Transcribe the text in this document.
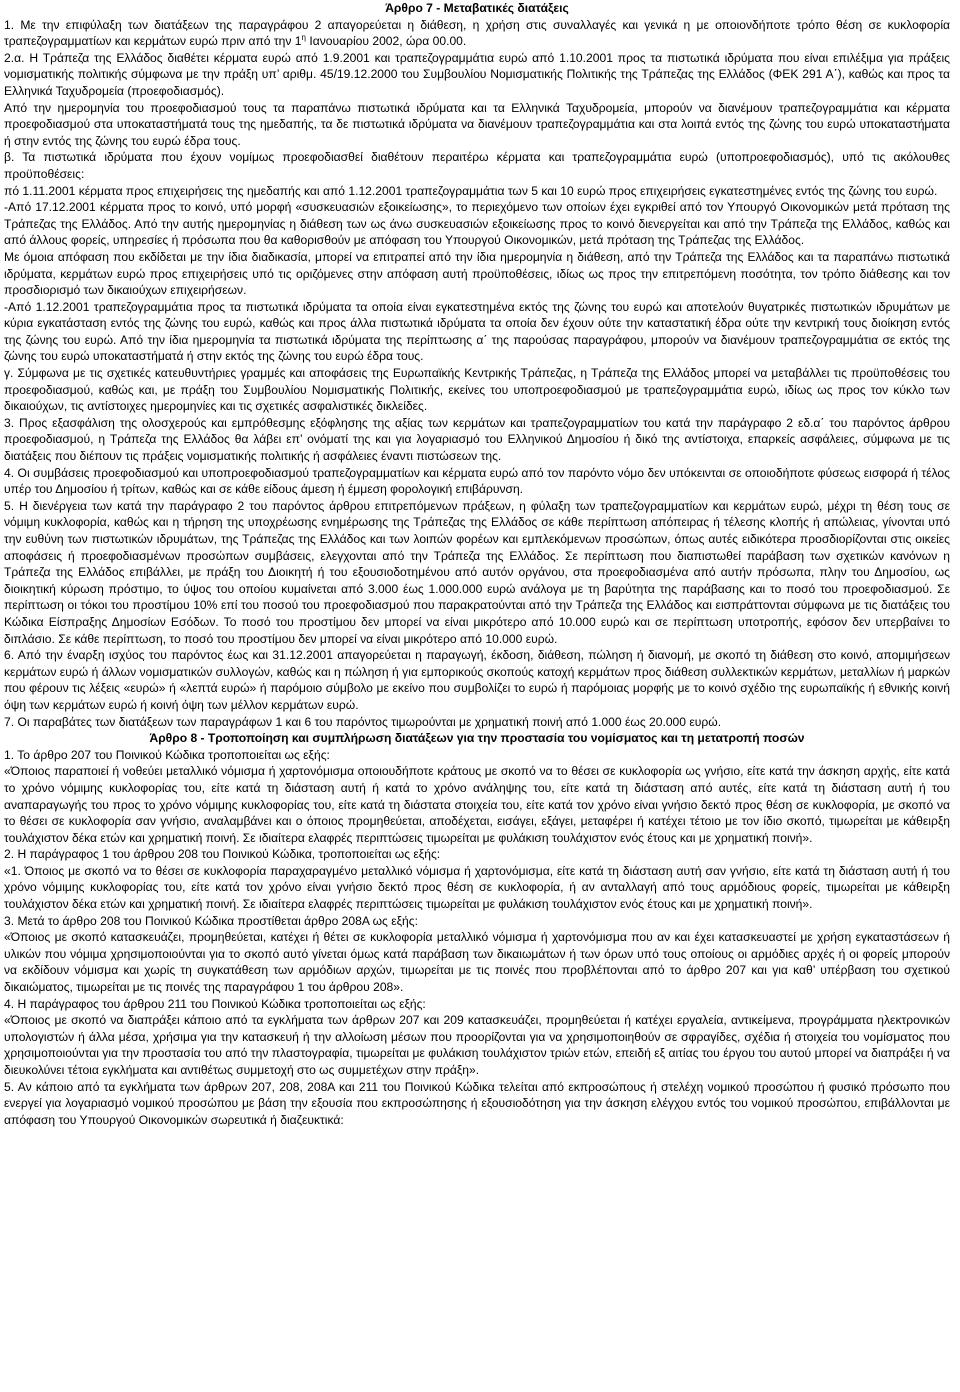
Άρθρο 7 - Μεταβατικές διατάξεις

1. Με την επιφύλαξη των διατάξεων της παραγράφου 2 απαγορεύεται η διάθεση, η χρήση στις συναλλαγές και γενικά η με οποιονδήποτε τρόπο θέση σε κυκλοφορία τραπεζογραμματίων και κερμάτων ευρώ πριν από την $1^\eta$ Ιανουαρίου 2002, ώρα 00.00.

2.α. Η Τράπεζα της Ελλάδος διαθέτει κέρματα ευρώ από 1.9.2001 και τραπεζογραμμάτια ευρώ από 1.10.2001 προς τα πιστωτικά ιδρύματα που είναι επιλέξιμα για πράξεις νομισματικής πολιτικής σύμφωνα με την πράξη υπ’ αριθμ. 45/19.12.2000 του Συμβουλίου Νομισματικής Πολιτικής της Τράπεζας της Ελλάδος (ΦΕΚ 291 Α΄), καθώς και προς τα Ελληνικά Ταχυδρομεία (προεφοδιασμός).

Από την ημερομηνία του προεφοδιασμού τους τα παραπάνω πιστωτικά ιδρύματα και τα Ελληνικά Ταχυδρομεία, μπορούν να διανέμουν τραπεζογραμμάτια και κέρματα προεφοδιασμού στα υποκαταστήματά τους της ημεδαπής, τα δε πιστωτικά ιδρύματα να διανέμουν τραπεζογραμμάτια και στα λοιπά εντός της ζώνης του ευρώ υποκαταστήματα ή στην εντός της ζώνης του ευρώ έδρα τους.

β. Τα πιστωτικά ιδρύματα που έχουν νομίμως προεφοδιασθεί διαθέτουν περαιτέρω κέρματα και τραπεζογραμμάτια ευρώ (υποπροεφοδιασμός), υπό τις ακόλουθες προϋποθέσεις:

πό 1.11.2001 κέρματα προς επιχειρήσεις της ημεδαπής και από 1.12.2001 τραπεζογραμμάτια των 5 και 10 ευρώ προς επιχειρήσεις εγκατεστημένες εντός της ζώνης του ευρώ.

-Από 17.12.2001 κέρματα προς το κοινό, υπό μορφή «συσκευασιών εξοικείωσης», το περιεχόμενο των οποίων έχει εγκριθεί από τον Υπουργό Οικονομικών μετά πρόταση της Τράπεζας της Ελλάδος. Από την αυτής ημερομηνίας η διάθεση των ως άνω συσκευασιών εξοικείωσης προς το κοινό διενεργείται και από την Τράπεζα της Ελλάδος, καθώς και από άλλους φορείς, υπηρεσίες ή πρόσωπα που θα καθορισθούν με απόφαση του Υπουργού Οικονομικών, μετά πρόταση της Τράπεζας της Ελλάδος.

Με όμοια απόφαση που εκδίδεται με την ίδια διαδικασία, μπορεί να επιτραπεί από την ίδια ημερομηνία η διάθεση, από την Τράπεζα της Ελλάδος και τα παραπάνω πιστωτικά ιδρύματα, κερμάτων ευρώ προς επιχειρήσεις υπό τις οριζόμενες στην απόφαση αυτή προϋποθέσεις, ιδίως ως προς την επιτρεπόμενη ποσότητα, τον τρόπο διάθεσης και τον προσδιορισμό των δικαιούχων επιχειρήσεων.

-Από 1.12.2001 τραπεζογραμμάτια προς τα πιστωτικά ιδρύματα τα οποία είναι εγκατεστημένα εκτός της ζώνης του ευρώ και αποτελούν θυγατρικές πιστωτικών ιδρυμάτων με κύρια εγκατάσταση εντός της ζώνης του ευρώ, καθώς και προς άλλα πιστωτικά ιδρύματα τα οποία δεν έχουν ούτε την καταστατική έδρα ούτε την κεντρική τους διοίκηση εντός της ζώνης του ευρώ. Από την ίδια ημερομηνία τα πιστωτικά ιδρύματα της περίπτωσης α΄ της παρούσας παραγράφου, μπορούν να διανέμουν τραπεζογραμμάτια σε εκτός της ζώνης του ευρώ υποκαταστήματά ή στην εκτός της ζώνης του ευρώ έδρα τους.

γ. Σύμφωνα με τις σχετικές κατευθυντήριες γραμμές και αποφάσεις της Ευρωπαϊκής Κεντρικής Τράπεζας, η Τράπεζα της Ελλάδος μπορεί να μεταβάλλει τις προϋποθέσεις του προεφοδιασμού, καθώς και, με πράξη του Συμβουλίου Νομισματικής Πολιτικής, εκείνες του υποπροεφοδιασμού με τραπεζογραμμάτια ευρώ, ιδίως ως προς τον κύκλο των δικαιούχων, τις αντίστοιχες ημερομηνίες και τις σχετικές ασφαλιστικές δικλείδες.

3. Προς εξασφάλιση της ολοσχερούς και εμπρόθεσμης εξόφλησης της αξίας των κερμάτων και τραπεζογραμματίων του κατά την παράγραφο 2 εδ.α΄ του παρόντος άρθρου προεφοδιασμού, η Τράπεζα της Ελλάδος θα λάβει επ’ ονόματί της και για λογαριασμό του Ελληνικού Δημοσίου ή δικό της αντίστοιχα, επαρκείς ασφάλειες, σύμφωνα με τις διατάξεις που διέπουν τις πράξεις νομισματικής πολιτικής ή ασφάλειες έναντι πιστώσεων της.

4. Οι συμβάσεις προεφοδιασμού και υποπροεφοδιασμού τραπεζογραμματίων και κέρματα ευρώ από τον παρόντο νόμο δεν υπόκεινται σε οποιοδήποτε φύσεως εισφορά ή τέλος υπέρ του Δημοσίου ή τρίτων, καθώς και σε κάθε είδους άμεση ή έμμεση φορολογική επιβάρυνση.

5. Η διενέργεια των κατά την παράγραφο 2 του παρόντος άρθρου επιτρεπόμενων πράξεων, η φύλαξη των τραπεζογραμματίων και κερμάτων ευρώ, μέχρι τη θέση τους σε νόμιμη κυκλοφορία, καθώς και η τήρηση της υποχρέωσης ενημέρωσης της Τράπεζας της Ελλάδος σε κάθε περίπτωση απόπειρας ή τέλεσης κλοπής ή απώλειας, γίνονται υπό την ευθύνη των πιστωτικών ιδρυμάτων, της Τράπεζας της Ελλάδος και των λοιπών φορέων και εμπλεκόμενων προσώπων, όπως αυτές ειδικότερα προσδιορίζονται στις οικείες αποφάσεις ή προεφοδιασμένων προσώπων συμβάσεις, ελεγχονται από την Τράπεζα της Ελλάδος. Σε περίπτωση που διαπιστωθεί παράβαση των σχετικών κανόνων η Τράπεζα της Ελλάδος επιβάλλει, με πράξη του Διοικητή ή του εξουσιοδοτημένου από αυτόν οργάνου, στα προεφοδιασμένα από αυτήν πρόσωπα, πλην του Δημοσίου, ως διοικητική κύρωση πρόστιμο, το ύψος του οποίου κυμαίνεται από 3.000 έως 1.000.000 ευρώ ανάλογα με τη βαρύτητα της παράβασης και το ποσό του προεφοδιασμού. Σε περίπτωση οι τόκοι του προστίμου 10% επί του ποσού του προεφοδιασμού που παρακρατούνται από την Τράπεζα της Ελλάδος και εισπράττονται σύμφωνα με τις διατάξεις του Κώδικα Είσπραξης Δημοσίων Εσόδων. Το ποσό του προστίμου δεν μπορεί να είναι μικρότερο από 10.000 ευρώ και σε περίπτωση υποτροπής, εφόσον δεν υπερβαίνει το διπλάσιο. Σε κάθε περίπτωση, το ποσό του προστίμου δεν μπορεί να είναι μικρότερο από 10.000 ευρώ.

6. Από την έναρξη ισχύος του παρόντος έως και 31.12.2001 απαγορεύεται η παραγωγή, έκδοση, διάθεση, πώληση ή διανομή, με σκοπό τη διάθεση στο κοινό, απομιμήσεων κερμάτων ευρώ ή άλλων νομισματικών συλλογών, καθώς και η πώληση ή για εμπορικούς σκοπούς κατοχή κερμάτων προς διάθεση συλλεκτικών κερμάτων, μεταλλίων ή μαρκών που φέρουν τις λέξεις «ευρώ» ή «λεπτά ευρώ» ή παρόμοιο σύμβολο με εκείνο που συμβολίζει το ευρώ ή παρόμοιας μορφής με το κοινό σχέδιο της ευρωπαϊκής ή εθνικής κοινή όψη των κερμάτων ευρώ ή κοινή όψη των μέλλον κερμάτων ευρώ.

7. Οι παραβάτες των διατάξεων των παραγράφων 1 και 6 του παρόντος τιμωρούνται με χρηματική ποινή από 1.000 έως 20.000 ευρώ.

Άρθρο 8 - Τροποποίηση και συμπλήρωση διατάξεων για την προστασία του νομίσματος και τη μετατροπή ποσών

1. Το άρθρο 207 του Ποινικού Κώδικα τροποποιείται ως εξής:

«Όποιος παραποιεί ή νοθεύει μεταλλικό νόμισμα ή χαρτονόμισμα οποιουδήποτε κράτους με σκοπό να το θέσει σε κυκλοφορία ως γνήσιο, είτε κατά την άσκηση αρχής, είτε κατά το χρόνο νόμιμης κυκλοφορίας του, είτε κατά τη διάσταση αυτή ή κατά το χρόνο ανάληψης του, είτε κατά τη διάσταση από αυτές, είτε κατά τη διάσταση αυτή ή του αναπαραγωγής του προς το χρόνο νόμιμης κυκλοφορίας του, είτε κατά τη διάστατα στοιχεία του, είτε κατά τον χρόνο είναι γνήσιο δεκτό προς θέση σε κυκλοφορία, με σκοπό να το θέσει σε κυκλοφορία σαν γνήσιο, αναλαμβάνει και ο όποιος προμηθεύεται, αποδέχεται, εισάγει, εξάγει, μεταφέρει ή κατέχει τέτοιο με τον ίδιο σκοπό, τιμωρείται με κάθειρξη τουλάχιστον δέκα ετών και χρηματική ποινή. Σε ιδιαίτερα ελαφρές περιπτώσεις τιμωρείται με φυλάκιση τουλάχιστον ενός έτους και με χρηματική ποινή».

2. Η παράγραφος 1 του άρθρου 208 του Ποινικού Κώδικα, τροποποιείται ως εξής:

«1. Όποιος με σκοπό να το θέσει σε κυκλοφορία παραχαραγμένο μεταλλικό νόμισμα ή χαρτονόμισμα, είτε κατά τη διάσταση αυτή σαν γνήσιο, είτε κατά τη διάσταση αυτή ή του χρόνο νόμιμης κυκλοφορίας του, είτε κατά τον χρόνο είναι γνήσιο δεκτό προς θέση σε κυκλοφορία, ή αν ανταλλαγή από τους αρμόδιους φορείς, τιμωρείται με κάθειρξη τουλάχιστον δέκα ετών και χρηματική ποινή. Σε ιδιαίτερα ελαφρές περιπτώσεις τιμωρείται με φυλάκιση τουλάχιστον ενός έτους και με χρηματική ποινή».

3. Μετά το άρθρο 208 του Ποινικού Κώδικα προστίθεται άρθρο 208Α ως εξής:

«Όποιος με σκοπό κατασκευάζει, προμηθεύεται, κατέχει ή θέτει σε κυκλοφορία μεταλλικό νόμισμα ή χαρτονόμισμα που αν και έχει κατασκευαστεί με χρήση εγκαταστάσεων ή υλικών που νόμιμα χρησιμοποιούνται για το σκοπό αυτό γίνεται όμως κατά παράβαση των δικαιωμάτων ή των όρων υπό τους οποίους οι αρμόδιες αρχές ή οι φορείς μπορούν να εκδίδουν νόμισμα και χωρίς τη συγκατάθεση των αρμόδιων αρχών, τιμωρείται με τις ποινές που προβλέπονται από το άρθρο 207 και για καθ’ υπέρβαση του σχετικού δικαιώματος, τιμωρείται με τις ποινές της παραγράφου 1 του άρθρου 208».

4. Η παράγραφος του άρθρου 211 του Ποινικού Κώδικα τροποποιείται ως εξής:

«Όποιος με σκοπό να διαπράξει κάποιο από τα εγκλήματα των άρθρων 207 και 209 κατασκευάζει, προμηθεύεται ή κατέχει εργαλεία, αντικείμενα, προγράμματα ηλεκτρονικών υπολογιστών ή άλλα μέσα, χρήσιμα για την κατασκευή ή την αλλοίωση μέσων που προορίζονται για να χρησιμοποιηθούν σε σφραγίδες, σχέδια ή στοιχεία του νομίσματος που χρησιμοποιούνται για την προστασία του από την πλαστογραφία, τιμωρείται με φυλάκιση τουλάχιστον τριών ετών, επειδή εξ αιτίας του έργου του αυτού μπορεί να διαπράξει ή να διευκολύνει τέτοια εγκλήματα και αντιθέτως συμμετοχή στο ως συμμετέχων στην πράξη».

5. Αν κάποιο από τα εγκλήματα των άρθρων 207, 208, 208Α και 211 του Ποινικού Κώδικα τελείται από εκπροσώπους ή στελέχη νομικού προσώπου ή φυσικό πρόσωπο που ενεργεί για λογαριασμό νομικού προσώπου με βάση την εξουσία που εκπροσώπησης ή εξουσιοδότηση για την άσκηση ελέγχου εντός του νομικού προσώπου, επιβάλλονται με απόφαση του Υπουργού Οικονομικών σωρευτικά ή διαζευκτικά:
